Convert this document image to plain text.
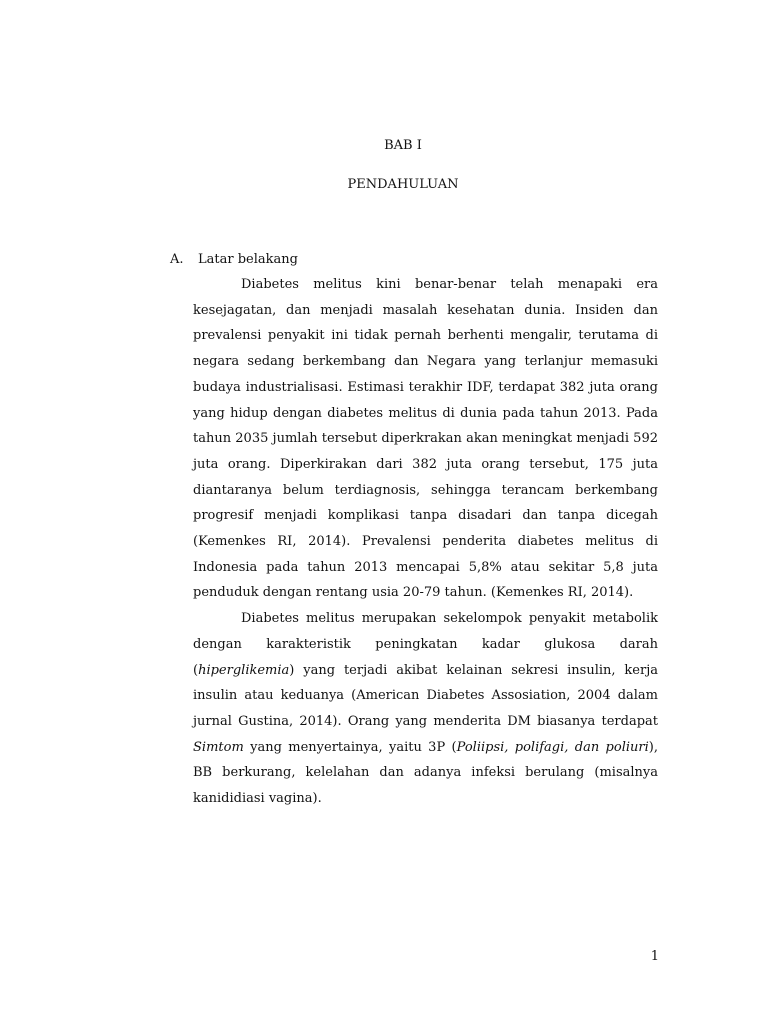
BAB I
PENDAHULUAN
A. Latar belakang

Diabetes melitus kini benar-benar telah menapaki era kesejagatan, dan menjadi masalah kesehatan dunia. Insiden dan prevalensi penyakit ini tidak pernah berhenti mengalir, terutama di negara sedang berkembang dan Negara yang terlanjur memasuki budaya industrialisasi. Estimasi terakhir IDF, terdapat 382 juta orang yang hidup dengan diabetes melitus di dunia pada tahun 2013. Pada tahun 2035 jumlah tersebut diperkrakan akan meningkat menjadi 592 juta orang. Diperkirakan dari 382 juta orang tersebut, 175 juta diantaranya belum terdiagnosis, sehingga terancam berkembang progresif menjadi komplikasi tanpa disadari dan tanpa dicegah (Kemenkes RI, 2014). Prevalensi penderita diabetes melitus di Indonesia pada tahun 2013 mencapai 5,8% atau sekitar 5,8 juta penduduk dengan rentang usia 20-79 tahun. (Kemenkes RI, 2014).

Diabetes melitus merupakan sekelompok penyakit metabolik dengan karakteristik peningkatan kadar glukosa darah (hiperglikemia) yang terjadi akibat kelainan sekresi insulin, kerja insulin atau keduanya (American Diabetes Assosiation, 2004 dalam jurnal Gustina, 2014). Orang yang menderita DM biasanya terdapat Simtom yang menyertainya, yaitu 3P (Poliipsi, polifagi, dan poliuri), BB berkurang, kelelahan dan adanya infeksi berulang (misalnya kanididiasi vagina).

1
